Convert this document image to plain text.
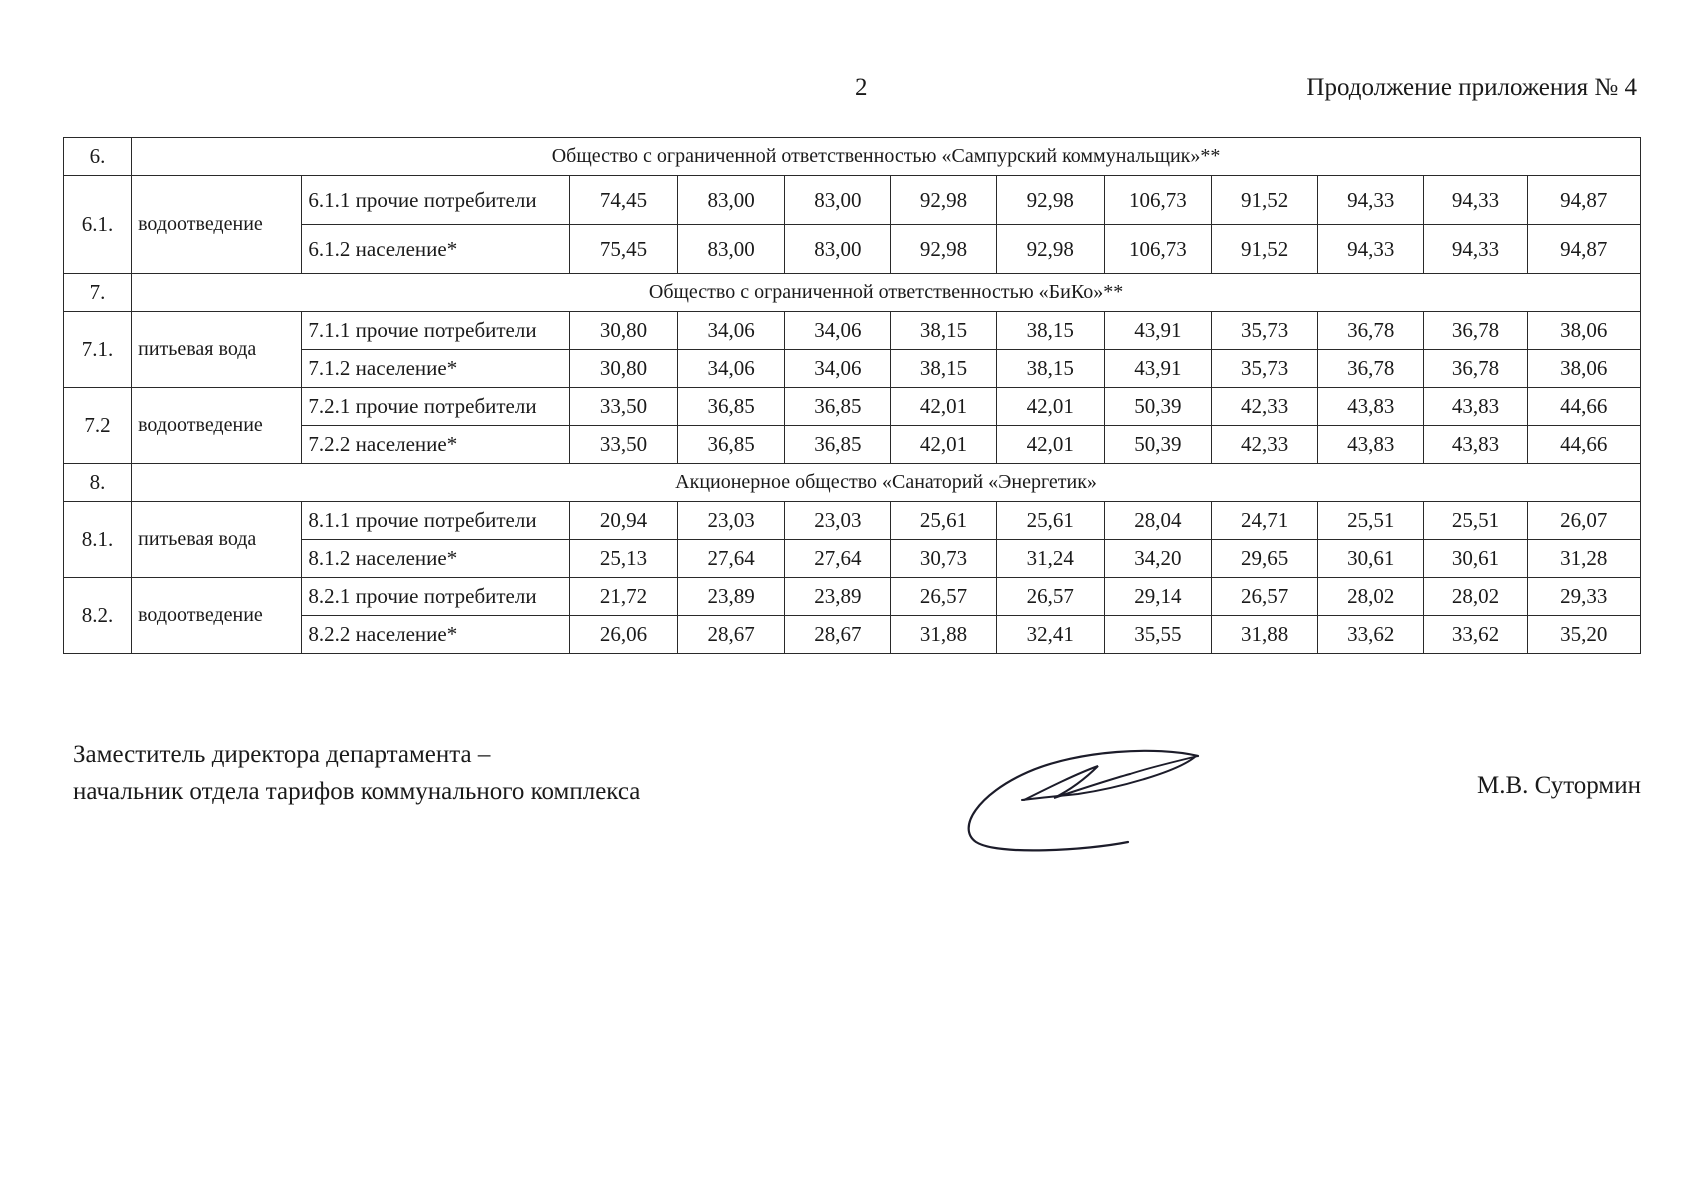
2	Продолжение приложения № 4
6.	Общество с ограниченной ответственностью «Сампурский коммунальщик»**											
6.1.	водоотведение	6.1.1 прочие потребители	74,45	83,00	83,00	92,98	92,98	106,73	91,52	94,33	94,33	94,87
		6.1.2 население*	75,45	83,00	83,00	92,98	92,98	106,73	91,52	94,33	94,33	94,87
7.	Общество с ограниченной ответственностью «БиКо»**											
7.1.	питьевая вода	7.1.1 прочие потребители	30,80	34,06	34,06	38,15	38,15	43,91	35,73	36,78	36,78	38,06
		7.1.2 население*	30,80	34,06	34,06	38,15	38,15	43,91	35,73	36,78	36,78	38,06
7.2	водоотведение	7.2.1 прочие потребители	33,50	36,85	36,85	42,01	42,01	50,39	42,33	43,83	43,83	44,66
		7.2.2 население*	33,50	36,85	36,85	42,01	42,01	50,39	42,33	43,83	43,83	44,66
8.	Акционерное общество «Санаторий «Энергетик»											
8.1.	питьевая вода	8.1.1 прочие потребители	20,94	23,03	23,03	25,61	25,61	28,04	24,71	25,51	25,51	26,07
		8.1.2 население*	25,13	27,64	27,64	30,73	31,24	34,20	29,65	30,61	30,61	31,28
8.2.	водоотведение	8.2.1 прочие потребители	21,72	23,89	23,89	26,57	26,57	29,14	26,57	28,02	28,02	29,33
		8.2.2 население*	26,06	28,67	28,67	31,88	32,41	35,55	31,88	33,62	33,62	35,20
Заместитель директора департамента –
начальник отдела тарифов коммунального комплекса	М.В. Сутормин
